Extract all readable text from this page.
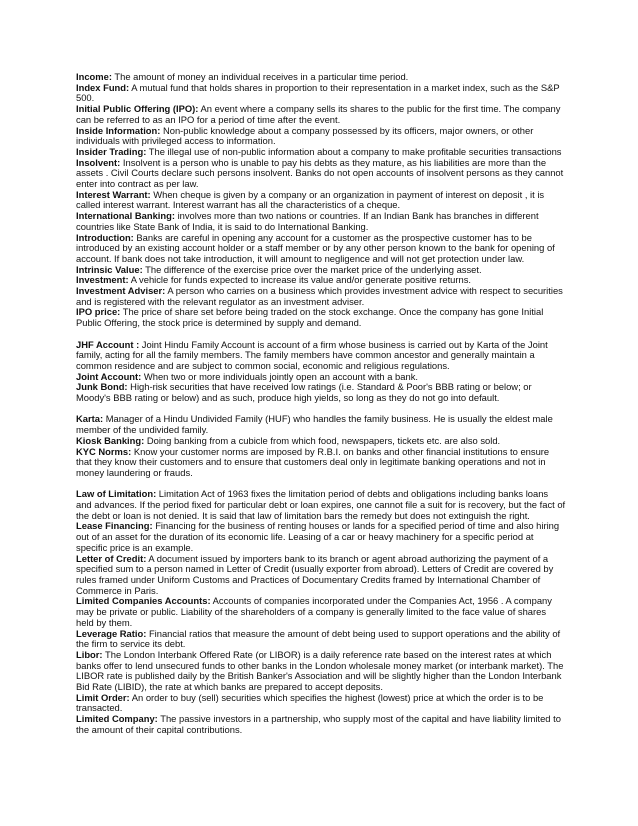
Income: The amount of money an individual receives in a particular time period.

Index Fund: A mutual fund that holds shares in proportion to their representation in a market index, such as the S&P 500.

Initial Public Offering (IPO): An event where a company sells its shares to the public for the first time. The company can be referred to as an IPO for a period of time after the event.

Inside Information: Non-public knowledge about a company possessed by its officers, major owners, or other individuals with privileged access to information.

Insider Trading: The illegal use of non-public information about a company to make profitable securities transactions

Insolvent: Insolvent is a person who is unable to pay his debts as they mature, as his liabilities are more than the assets . Civil Courts declare such persons insolvent. Banks do not open accounts of insolvent persons as they cannot enter into contract as per law.

Interest Warrant: When cheque is given by a company or an organization in payment of interest on deposit , it is called interest warrant. Interest warrant has all the characteristics of a cheque.

International Banking: involves more than two nations or countries. If an Indian Bank has branches in different countries like State Bank of India, it is said to do International Banking.

Introduction: Banks are careful in opening any account for a customer as the prospective customer has to be introduced by an existing account holder or a staff member or by any other person known to the bank for opening of account. If bank does not take introduction, it will amount to negligence and will not get protection under law.

Intrinsic Value: The difference of the exercise price over the market price of the underlying asset.

Investment: A vehicle for funds expected to increase its value and/or generate positive returns.

Investment Adviser: A person who carries on a business which provides investment advice with respect to securities and is registered with the relevant regulator as an investment adviser.

IPO price: The price of share set before being traded on the stock exchange. Once the company has gone Initial Public Offering, the stock price is determined by supply and demand.

JHF Account : Joint Hindu Family Account is account of a firm whose business is carried out by Karta of the Joint family, acting for all the family members. The family members have common ancestor and generally maintain a common residence and are subject to common social, economic and religious regulations.

Joint Account: When two or more individuals jointly open an account with a bank.

Junk Bond: High-risk securities that have received low ratings (i.e. Standard & Poor's BBB rating or below; or Moody's BBB rating or below) and as such, produce high yields, so long as they do not go into default.

Karta: Manager of a Hindu Undivided Family (HUF) who handles the family business. He is usually the eldest male member of the undivided family.

Kiosk Banking: Doing banking from a cubicle from which food, newspapers, tickets etc. are also sold.

KYC Norms: Know your customer norms are imposed by R.B.I. on banks and other financial institutions to ensure that they know their customers and to ensure that customers deal only in legitimate banking operations and not in money laundering or frauds.

Law of Limitation: Limitation Act of 1963 fixes the limitation period of debts and obligations including banks loans and advances. If the period fixed for particular debt or loan expires, one cannot file a suit for is recovery, but the fact of the debt or loan is not denied. It is said that law of limitation bars the remedy but does not extinguish the right.

Lease Financing: Financing for the business of renting houses or lands for a specified period of time and also hiring out of an asset for the duration of its economic life. Leasing of a car or heavy machinery for a specific period at specific price is an example.

Letter of Credit: A document issued by importers bank to its branch or agent abroad authorizing the payment of a specified sum to a person named in Letter of Credit (usually exporter from abroad). Letters of Credit are covered by rules framed under Uniform Customs and Practices of Documentary Credits framed by International Chamber of Commerce in Paris.

Limited Companies Accounts: Accounts of companies incorporated under the Companies Act, 1956 . A company may be private or public. Liability of the shareholders of a company is generally limited to the face value of shares held by them.

Leverage Ratio: Financial ratios that measure the amount of debt being used to support operations and the ability of the firm to service its debt.

Libor: The London Interbank Offered Rate (or LIBOR) is a daily reference rate based on the interest rates at which banks offer to lend unsecured funds to other banks in the London wholesale money market (or interbank market). The LIBOR rate is published daily by the British Banker's Association and will be slightly higher than the London Interbank Bid Rate (LIBID), the rate at which banks are prepared to accept deposits.

Limit Order: An order to buy (sell) securities which specifies the highest (lowest) price at which the order is to be transacted.

Limited Company: The passive investors in a partnership, who supply most of the capital and have liability limited to the amount of their capital contributions.
